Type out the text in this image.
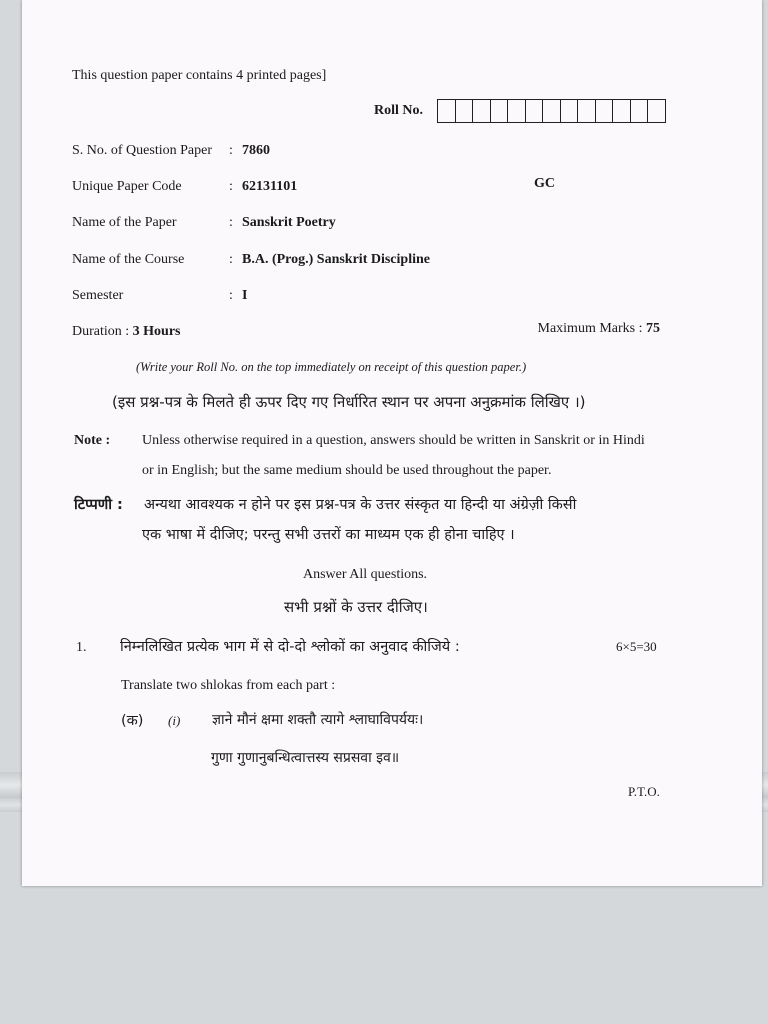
This question paper contains 4 printed pages]
Roll No.
S. No. of Question Paper : 7860
Unique Paper Code	: 62131101
Name of the Paper	: Sanskrit Poetry
Name of the Course	: B.A. (Prog.) Sanskrit Discipline
Semester	: I
GC
Duration : 3 Hours	Maximum Marks : 75
(Write your Roll No. on the top immediately on receipt of this question paper.)
(इस प्रश्न-पत्र के मिलते ही ऊपर दिए गए निर्धारित स्थान पर अपना अनुक्रमांक लिखिए ।)
Note : Unless otherwise required in a question, answers should be written in Sanskrit or in Hindi
or in English; but the same medium should be used throughout the paper.
टिप्पणी : अन्यथा आवश्यक न होने पर इस प्रश्न-पत्र के उत्तर संस्कृत या हिन्दी या अंग्रेज़ी किसी
एक भाषा में दीजिए; परन्तु सभी उत्तरों का माध्यम एक ही होना चाहिए ।
Answer All questions.
सभी प्रश्नों के उत्तर दीजिए।
1. निम्नलिखित प्रत्येक भाग में से दो-दो श्लोकों का अनुवाद कीजिये :	6×5=30
Translate two shlokas from each part :
(क) (i) ज्ञाने मौनं क्षमा शक्तौ त्यागे श्लाघाविपर्ययः।
गुणा गुणानुबन्धित्वात्तस्य सप्रसवा इव॥
P.T.O.
